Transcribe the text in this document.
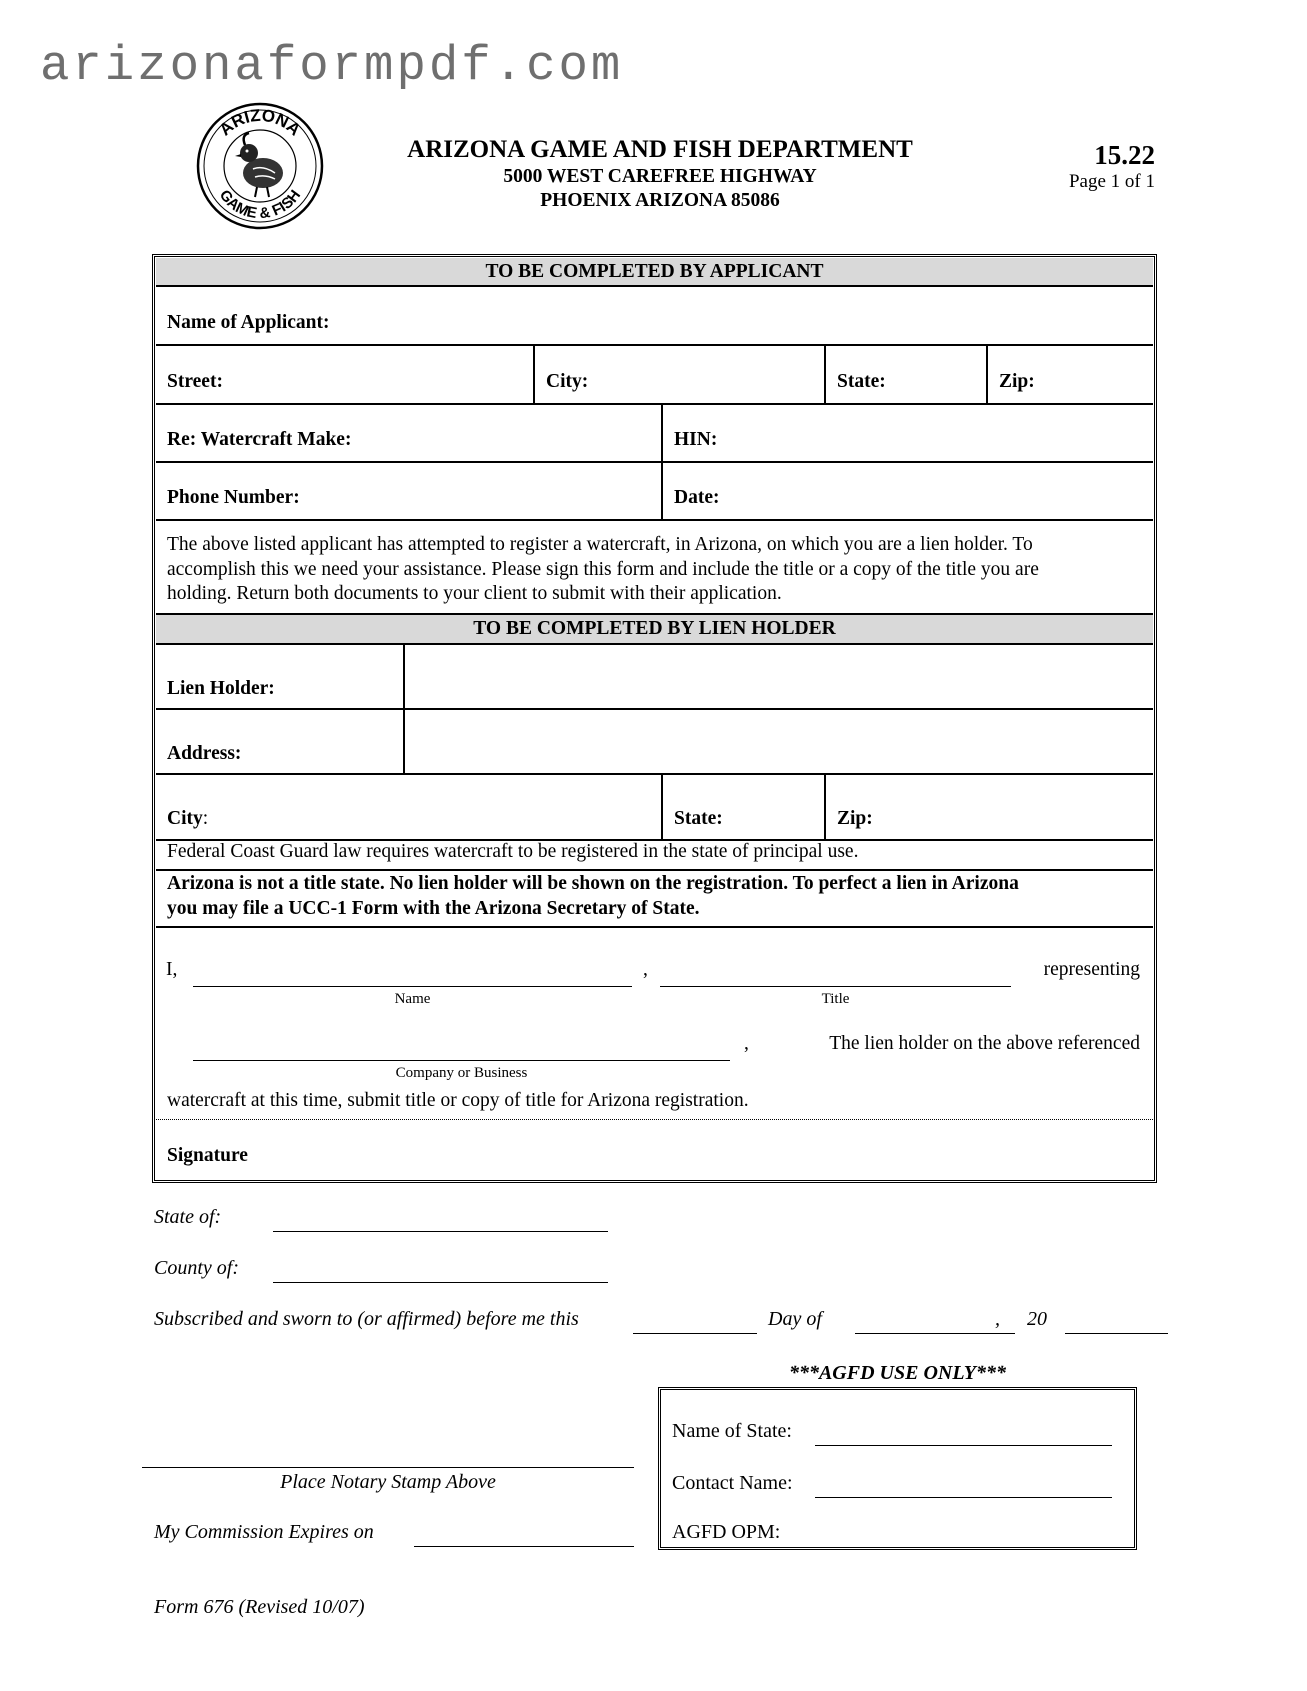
arizonaformpdf.com
ARIZONA
GAME & FISH
ARIZONA GAME AND FISH DEPARTMENT
5000 WEST CAREFREE HIGHWAY
PHOENIX ARIZONA 85086
15.22
Page 1 of 1
TO BE COMPLETED BY APPLICANT
Name of Applicant:
Street:	City:	State:	Zip:
Re: Watercraft Make:	HIN:
Phone Number:	Date:
The above listed applicant has attempted to register a watercraft, in Arizona, on which you are a lien holder. To
accomplish this we need your assistance. Please sign this form and include the title or a copy of the title you are
holding. Return both documents to your client to submit with their application.
TO BE COMPLETED BY LIEN HOLDER
Lien Holder:
Address:
City:	State:	Zip:
Federal Coast Guard law requires watercraft to be registered in the state of principal use.
Arizona is not a title state. No lien holder will be shown on the registration. To perfect a lien in Arizona
you may file a UCC-1 Form with the Arizona Secretary of State.
I,	,	representing
Name	Title
,	The lien holder on the above referenced
Company or Business
watercraft at this time, submit title or copy of title for Arizona registration.
Signature
State of:
County of:
Subscribed and sworn to (or affirmed) before me this	Day of	, 20
Place Notary Stamp Above
My Commission Expires on
***AGFD USE ONLY***
Name of State:
Contact Name:
AGFD OPM:
Form 676 (Revised 10/07)
